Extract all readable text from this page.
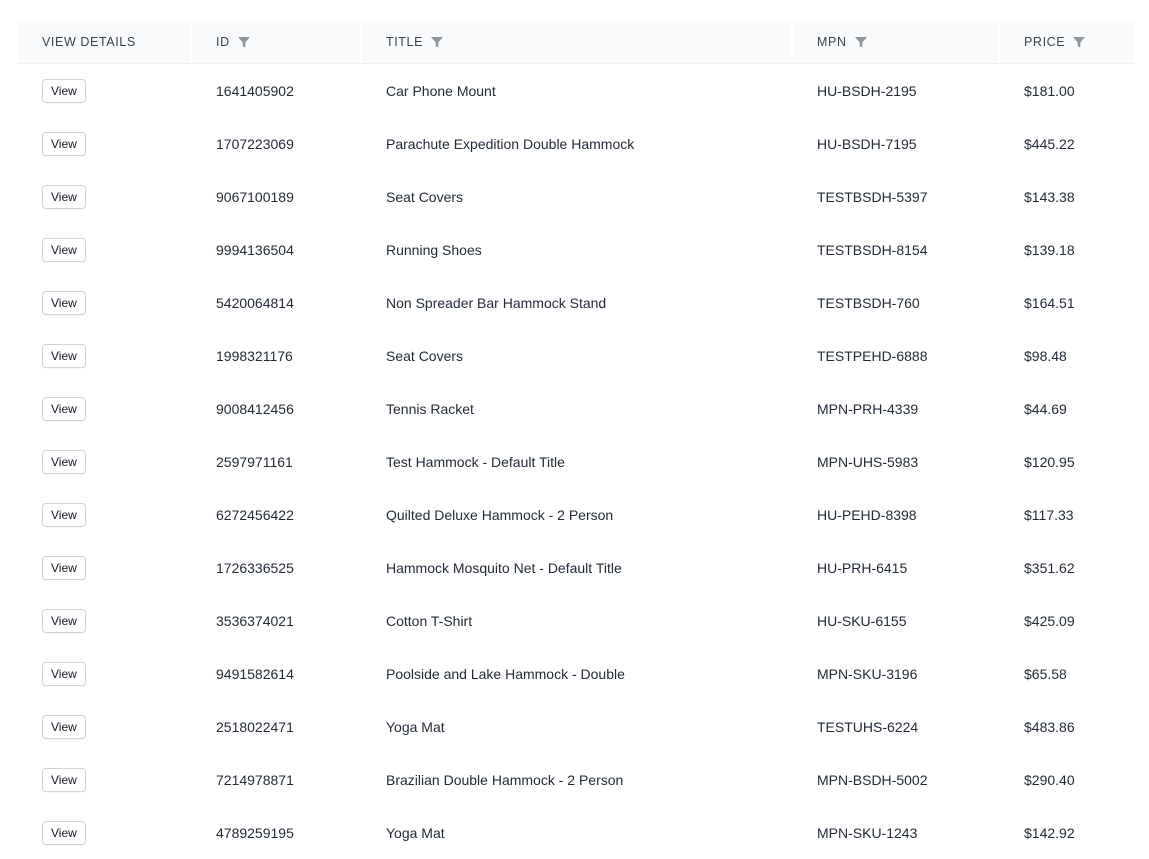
VIEW DETAILS	ID	TITLE	MPN	PRICE
View	1641405902	Car Phone Mount	HU-BSDH-2195	$181.00
View	1707223069	Parachute Expedition Double Hammock	HU-BSDH-7195	$445.22
View	9067100189	Seat Covers	TESTBSDH-5397	$143.38
View	9994136504	Running Shoes	TESTBSDH-8154	$139.18
View	5420064814	Non Spreader Bar Hammock Stand	TESTBSDH-760	$164.51
View	1998321176	Seat Covers	TESTPEHD-6888	$98.48
View	9008412456	Tennis Racket	MPN-PRH-4339	$44.69
View	2597971161	Test Hammock - Default Title	MPN-UHS-5983	$120.95
View	6272456422	Quilted Deluxe Hammock - 2 Person	HU-PEHD-8398	$117.33
View	1726336525	Hammock Mosquito Net - Default Title	HU-PRH-6415	$351.62
View	3536374021	Cotton T-Shirt	HU-SKU-6155	$425.09
View	9491582614	Poolside and Lake Hammock - Double	MPN-SKU-3196	$65.58
View	2518022471	Yoga Mat	TESTUHS-6224	$483.86
View	7214978871	Brazilian Double Hammock - 2 Person	MPN-BSDH-5002	$290.40
View	4789259195	Yoga Mat	MPN-SKU-1243	$142.92
